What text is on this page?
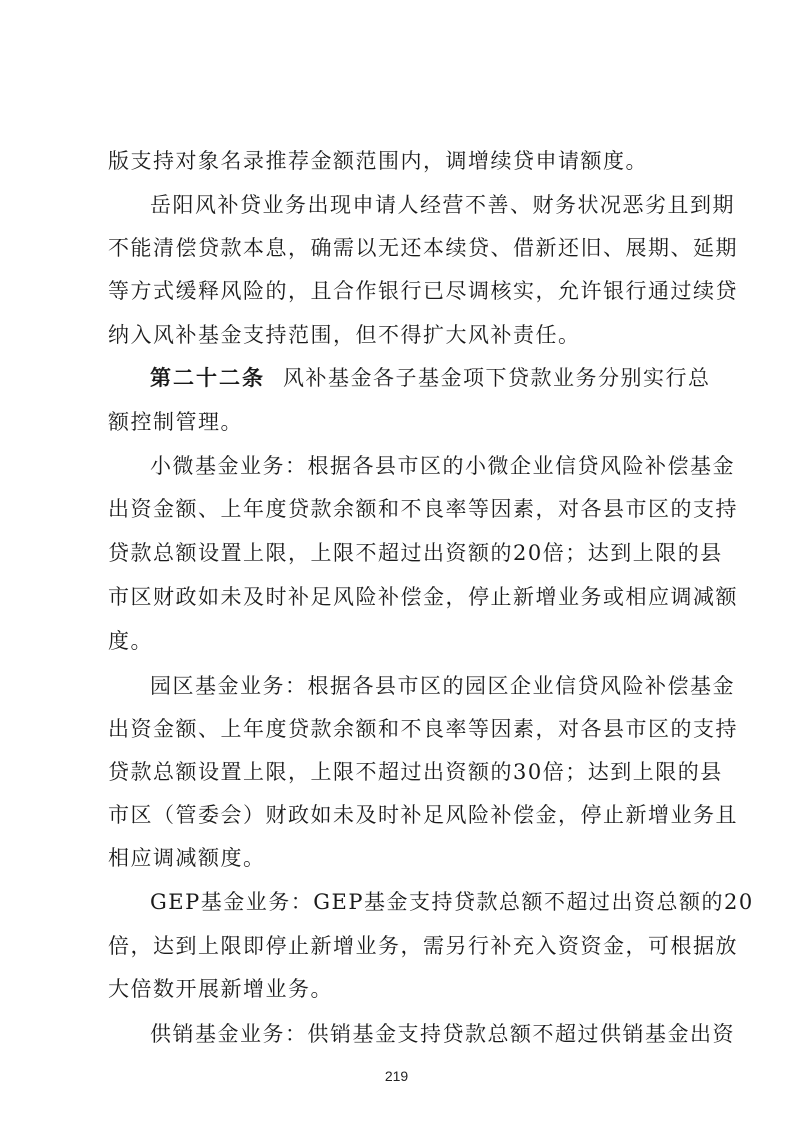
版支持对象名录推荐金额范围内，调增续贷申请额度。
岳阳风补贷业务出现申请人经营不善、财务状况恶劣且到期
不能清偿贷款本息，确需以无还本续贷、借新还旧、展期、延期
等方式缓释风险的，且合作银行已尽调核实，允许银行通过续贷
纳入风补基金支持范围，但不得扩大风补责任。
第二十二条 风补基金各子基金项下贷款业务分别实行总
额控制管理。
小微基金业务：根据各县市区的小微企业信贷风险补偿基金
出资金额、上年度贷款余额和不良率等因素，对各县市区的支持
贷款总额设置上限，上限不超过出资额的20倍；达到上限的县
市区财政如未及时补足风险补偿金，停止新增业务或相应调减额
度。
园区基金业务：根据各县市区的园区企业信贷风险补偿基金
出资金额、上年度贷款余额和不良率等因素，对各县市区的支持
贷款总额设置上限，上限不超过出资额的30倍；达到上限的县
市区（管委会）财政如未及时补足风险补偿金，停止新增业务且
相应调减额度。
GEP基金业务：GEP基金支持贷款总额不超过出资总额的20
倍，达到上限即停止新增业务，需另行补充入资资金，可根据放
大倍数开展新增业务。
供销基金业务：供销基金支持贷款总额不超过供销基金出资
219
